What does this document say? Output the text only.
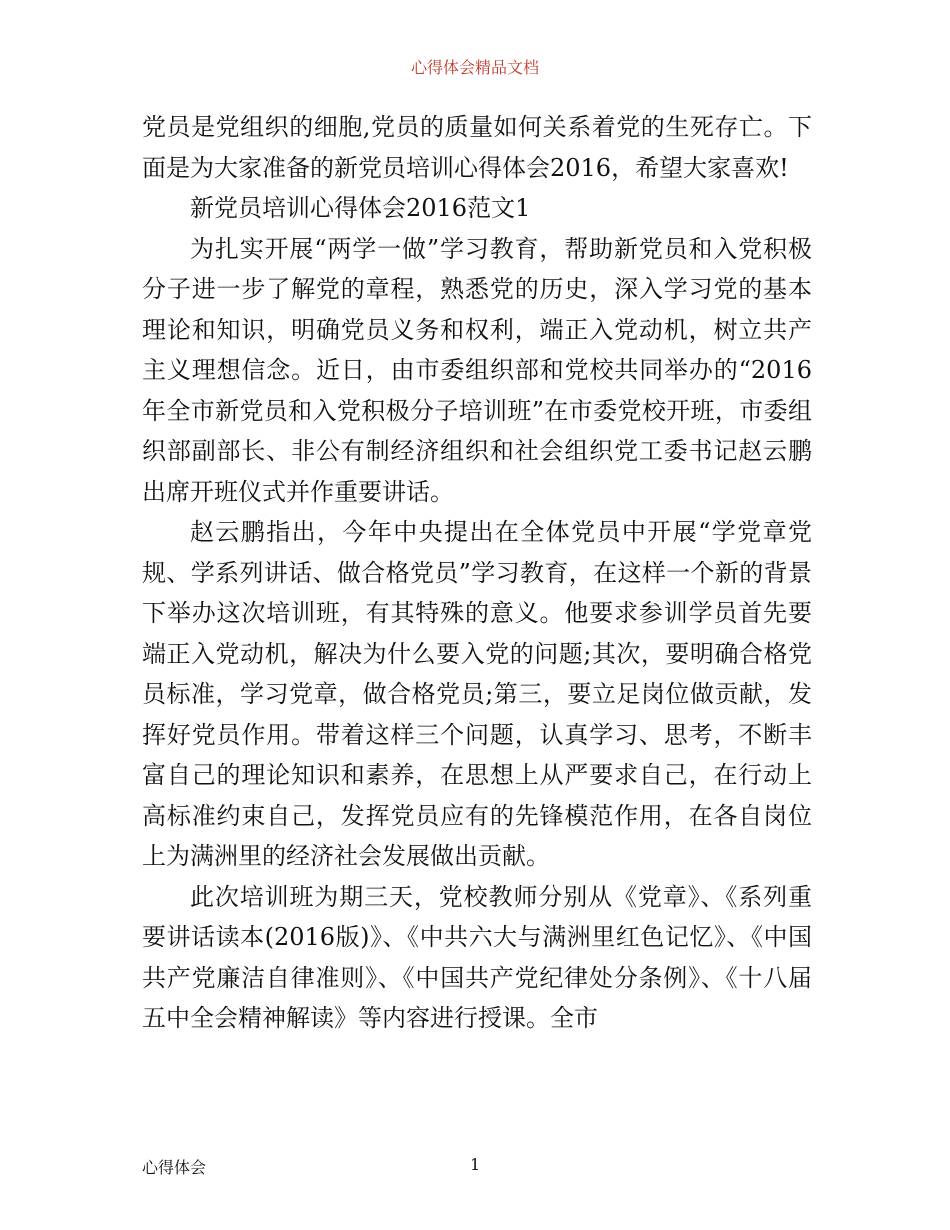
心得体会精品文档

党员是党组织的细胞,党员的质量如何关系着党的生死存亡。下面是为大家准备的新党员培训心得体会2016，希望大家喜欢!

新党员培训心得体会2016范文1

为扎实开展“两学一做”学习教育，帮助新党员和入党积极分子进一步了解党的章程，熟悉党的历史，深入学习党的基本理论和知识，明确党员义务和权利，端正入党动机，树立共产主义理想信念。近日，由市委组织部和党校共同举办的“2016年全市新党员和入党积极分子培训班”在市委党校开班，市委组织部副部长、非公有制经济组织和社会组织党工委书记赵云鹏出席开班仪式并作重要讲话。

赵云鹏指出，今年中央提出在全体党员中开展“学党章党规、学系列讲话、做合格党员”学习教育，在这样一个新的背景下举办这次培训班，有其特殊的意义。他要求参训学员首先要端正入党动机，解决为什么要入党的问题;其次，要明确合格党员标准，学习党章，做合格党员;第三，要立足岗位做贡献，发挥好党员作用。带着这样三个问题，认真学习、思考，不断丰富自己的理论知识和素养，在思想上从严要求自己，在行动上高标准约束自己，发挥党员应有的先锋模范作用，在各自岗位上为满洲里的经济社会发展做出贡献。

此次培训班为期三天，党校教师分别从《党章》、《系列重要讲话读本(2016版)》、《中共六大与满洲里红色记忆》、《中国共产党廉洁自律准则》、《中国共产党纪律处分条例》、《十八届五中全会精神解读》等内容进行授课。全市

心得体会	1
